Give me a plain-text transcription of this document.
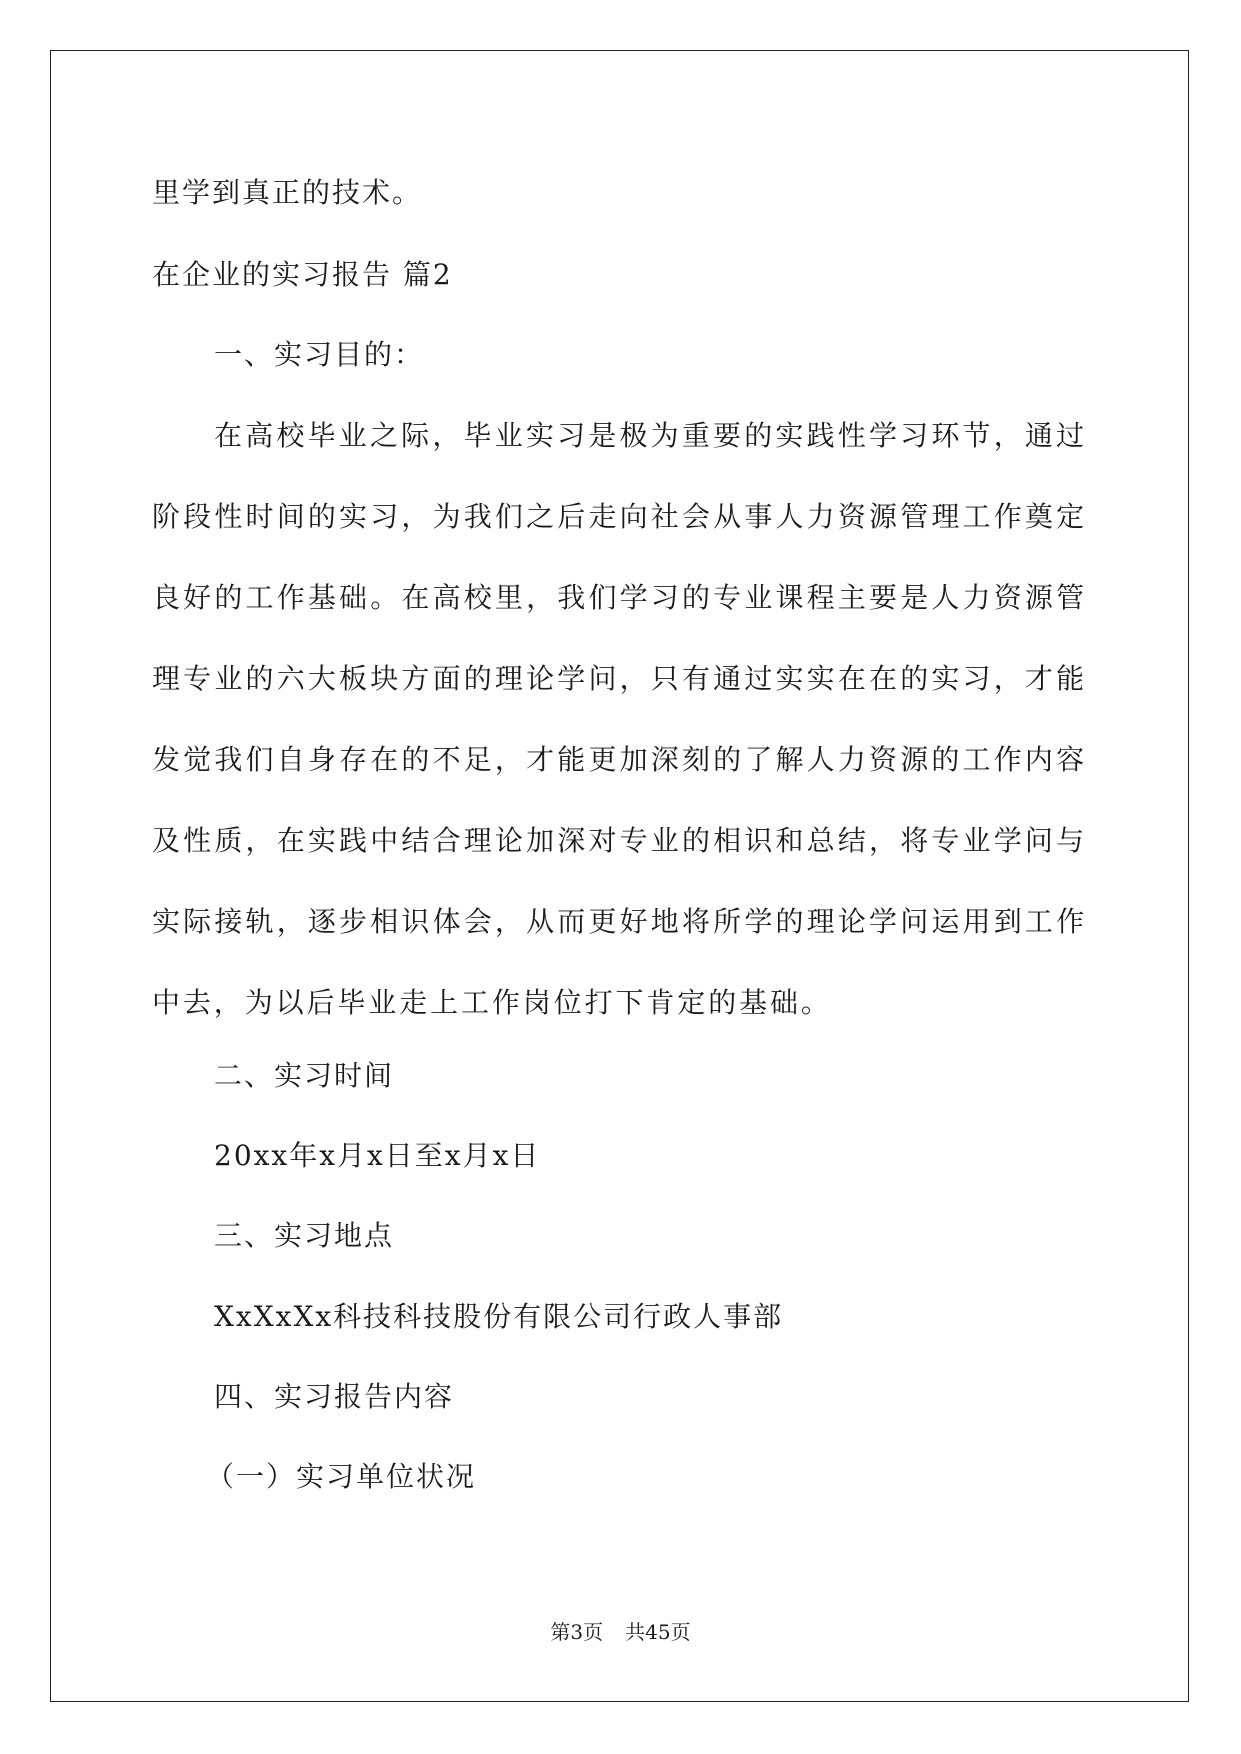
里学到真正的技术。
在企业的实习报告 篇2
一、实习目的：
在高校毕业之际，毕业实习是极为重要的实践性学习环节，通过阶段性时间的实习，为我们之后走向社会从事人力资源管理工作奠定良好的工作基础。在高校里，我们学习的专业课程主要是人力资源管理专业的六大板块方面的理论学问，只有通过实实在在的实习，才能发觉我们自身存在的不足，才能更加深刻的了解人力资源的工作内容及性质，在实践中结合理论加深对专业的相识和总结，将专业学问与实际接轨，逐步相识体会，从而更好地将所学的理论学问运用到工作中去，为以后毕业走上工作岗位打下肯定的基础。
二、实习时间
20xx年x月x日至x月x日
三、实习地点
XxXxXx科技科技股份有限公司行政人事部
四、实习报告内容
（一）实习单位状况
第3页 共45页
